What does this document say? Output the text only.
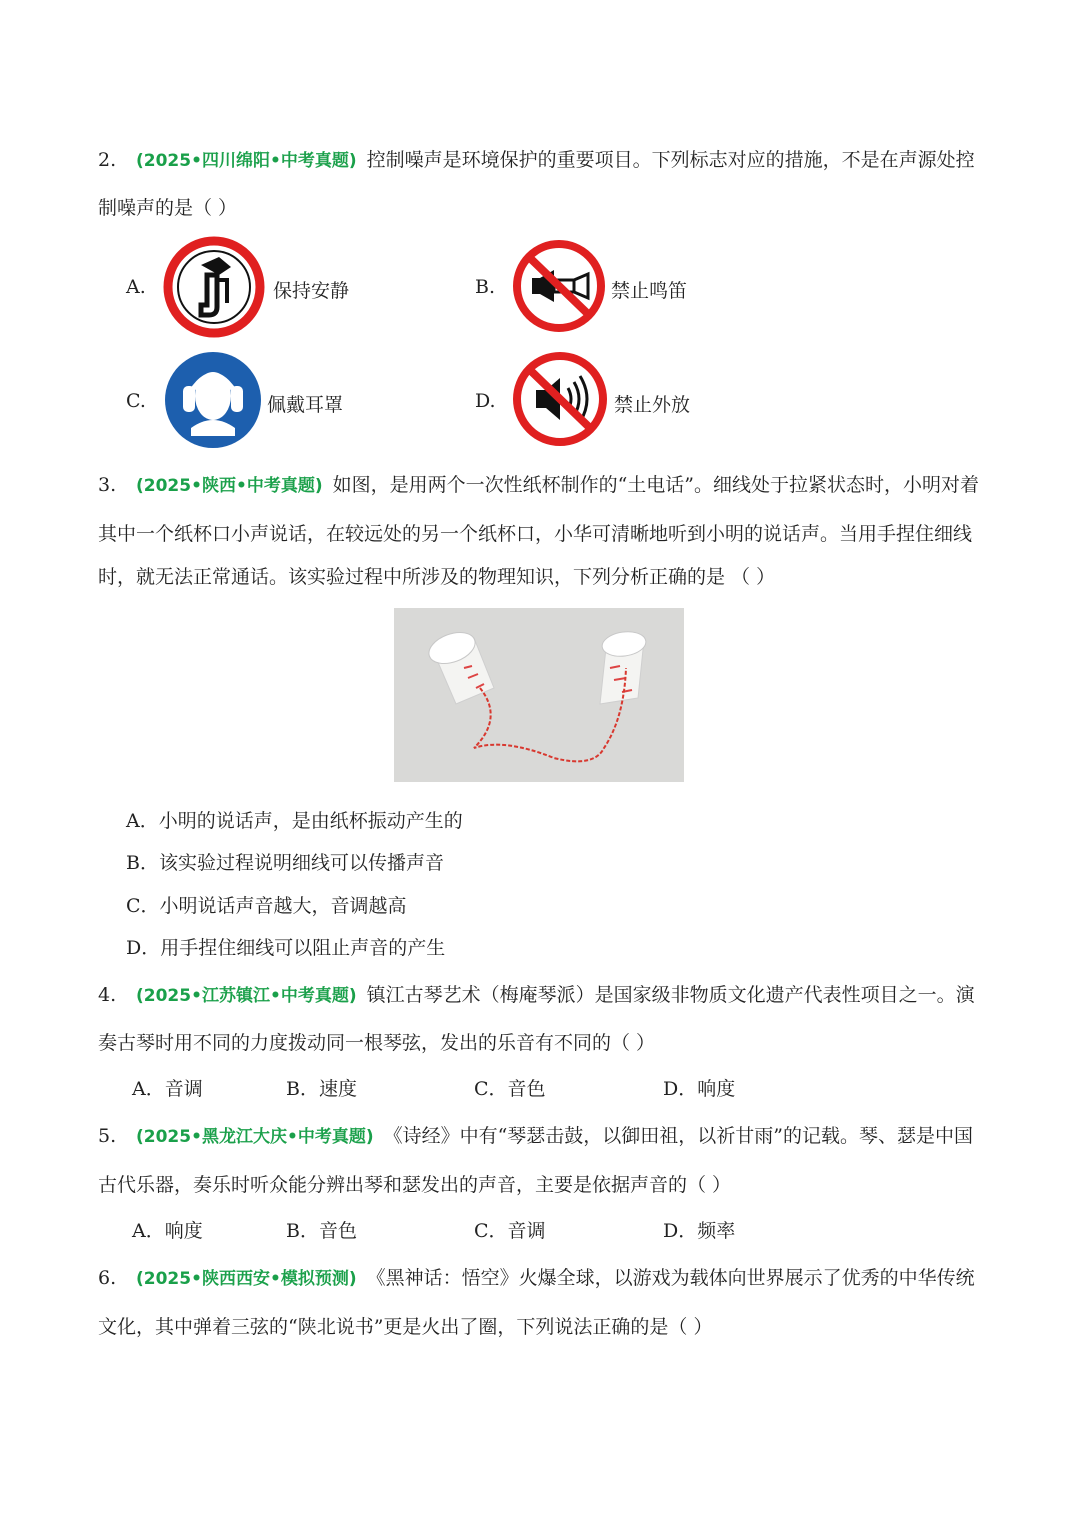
2. (2025•四川绵阳•中考真题) 控制噪声是环境保护的重要项目。下列标志对应的措施，不是在声源处控
制噪声的是（ ）
A.	保持安静	B.	禁止鸣笛
C.	佩戴耳罩	D.	禁止外放
3. (2025•陕西•中考真题) 如图，是用两个一次性纸杯制作的“土电话”。细线处于拉紧状态时，小明对着
其中一个纸杯口小声说话，在较远处的另一个纸杯口，小华可清晰地听到小明的说话声。当用手捏住细线
时，就无法正常通话。该实验过程中所涉及的物理知识，下列分析正确的是 （ ）
A．小明的说话声，是由纸杯振动产生的
B．该实验过程说明细线可以传播声音
C．小明说话声音越大，音调越高
D．用手捏住细线可以阻止声音的产生
4. (2025•江苏镇江•中考真题) 镇江古琴艺术（梅庵琴派）是国家级非物质文化遗产代表性项目之一。演
奏古琴时用不同的力度拨动同一根琴弦，发出的乐音有不同的（ ）
A．音调	B．速度	C．音色	D．响度
5. (2025•黑龙江大庆•中考真题) 《诗经》中有“琴瑟击鼓，以御田祖，以祈甘雨”的记载。琴、瑟是中国
古代乐器，奏乐时听众能分辨出琴和瑟发出的声音，主要是依据声音的（ ）
A．响度	B．音色	C．音调	D．频率
6. (2025•陕西西安•模拟预测) 《黑神话：悟空》火爆全球，以游戏为载体向世界展示了优秀的中华传统
文化，其中弹着三弦的“陕北说书”更是火出了圈，下列说法正确的是（ ）
